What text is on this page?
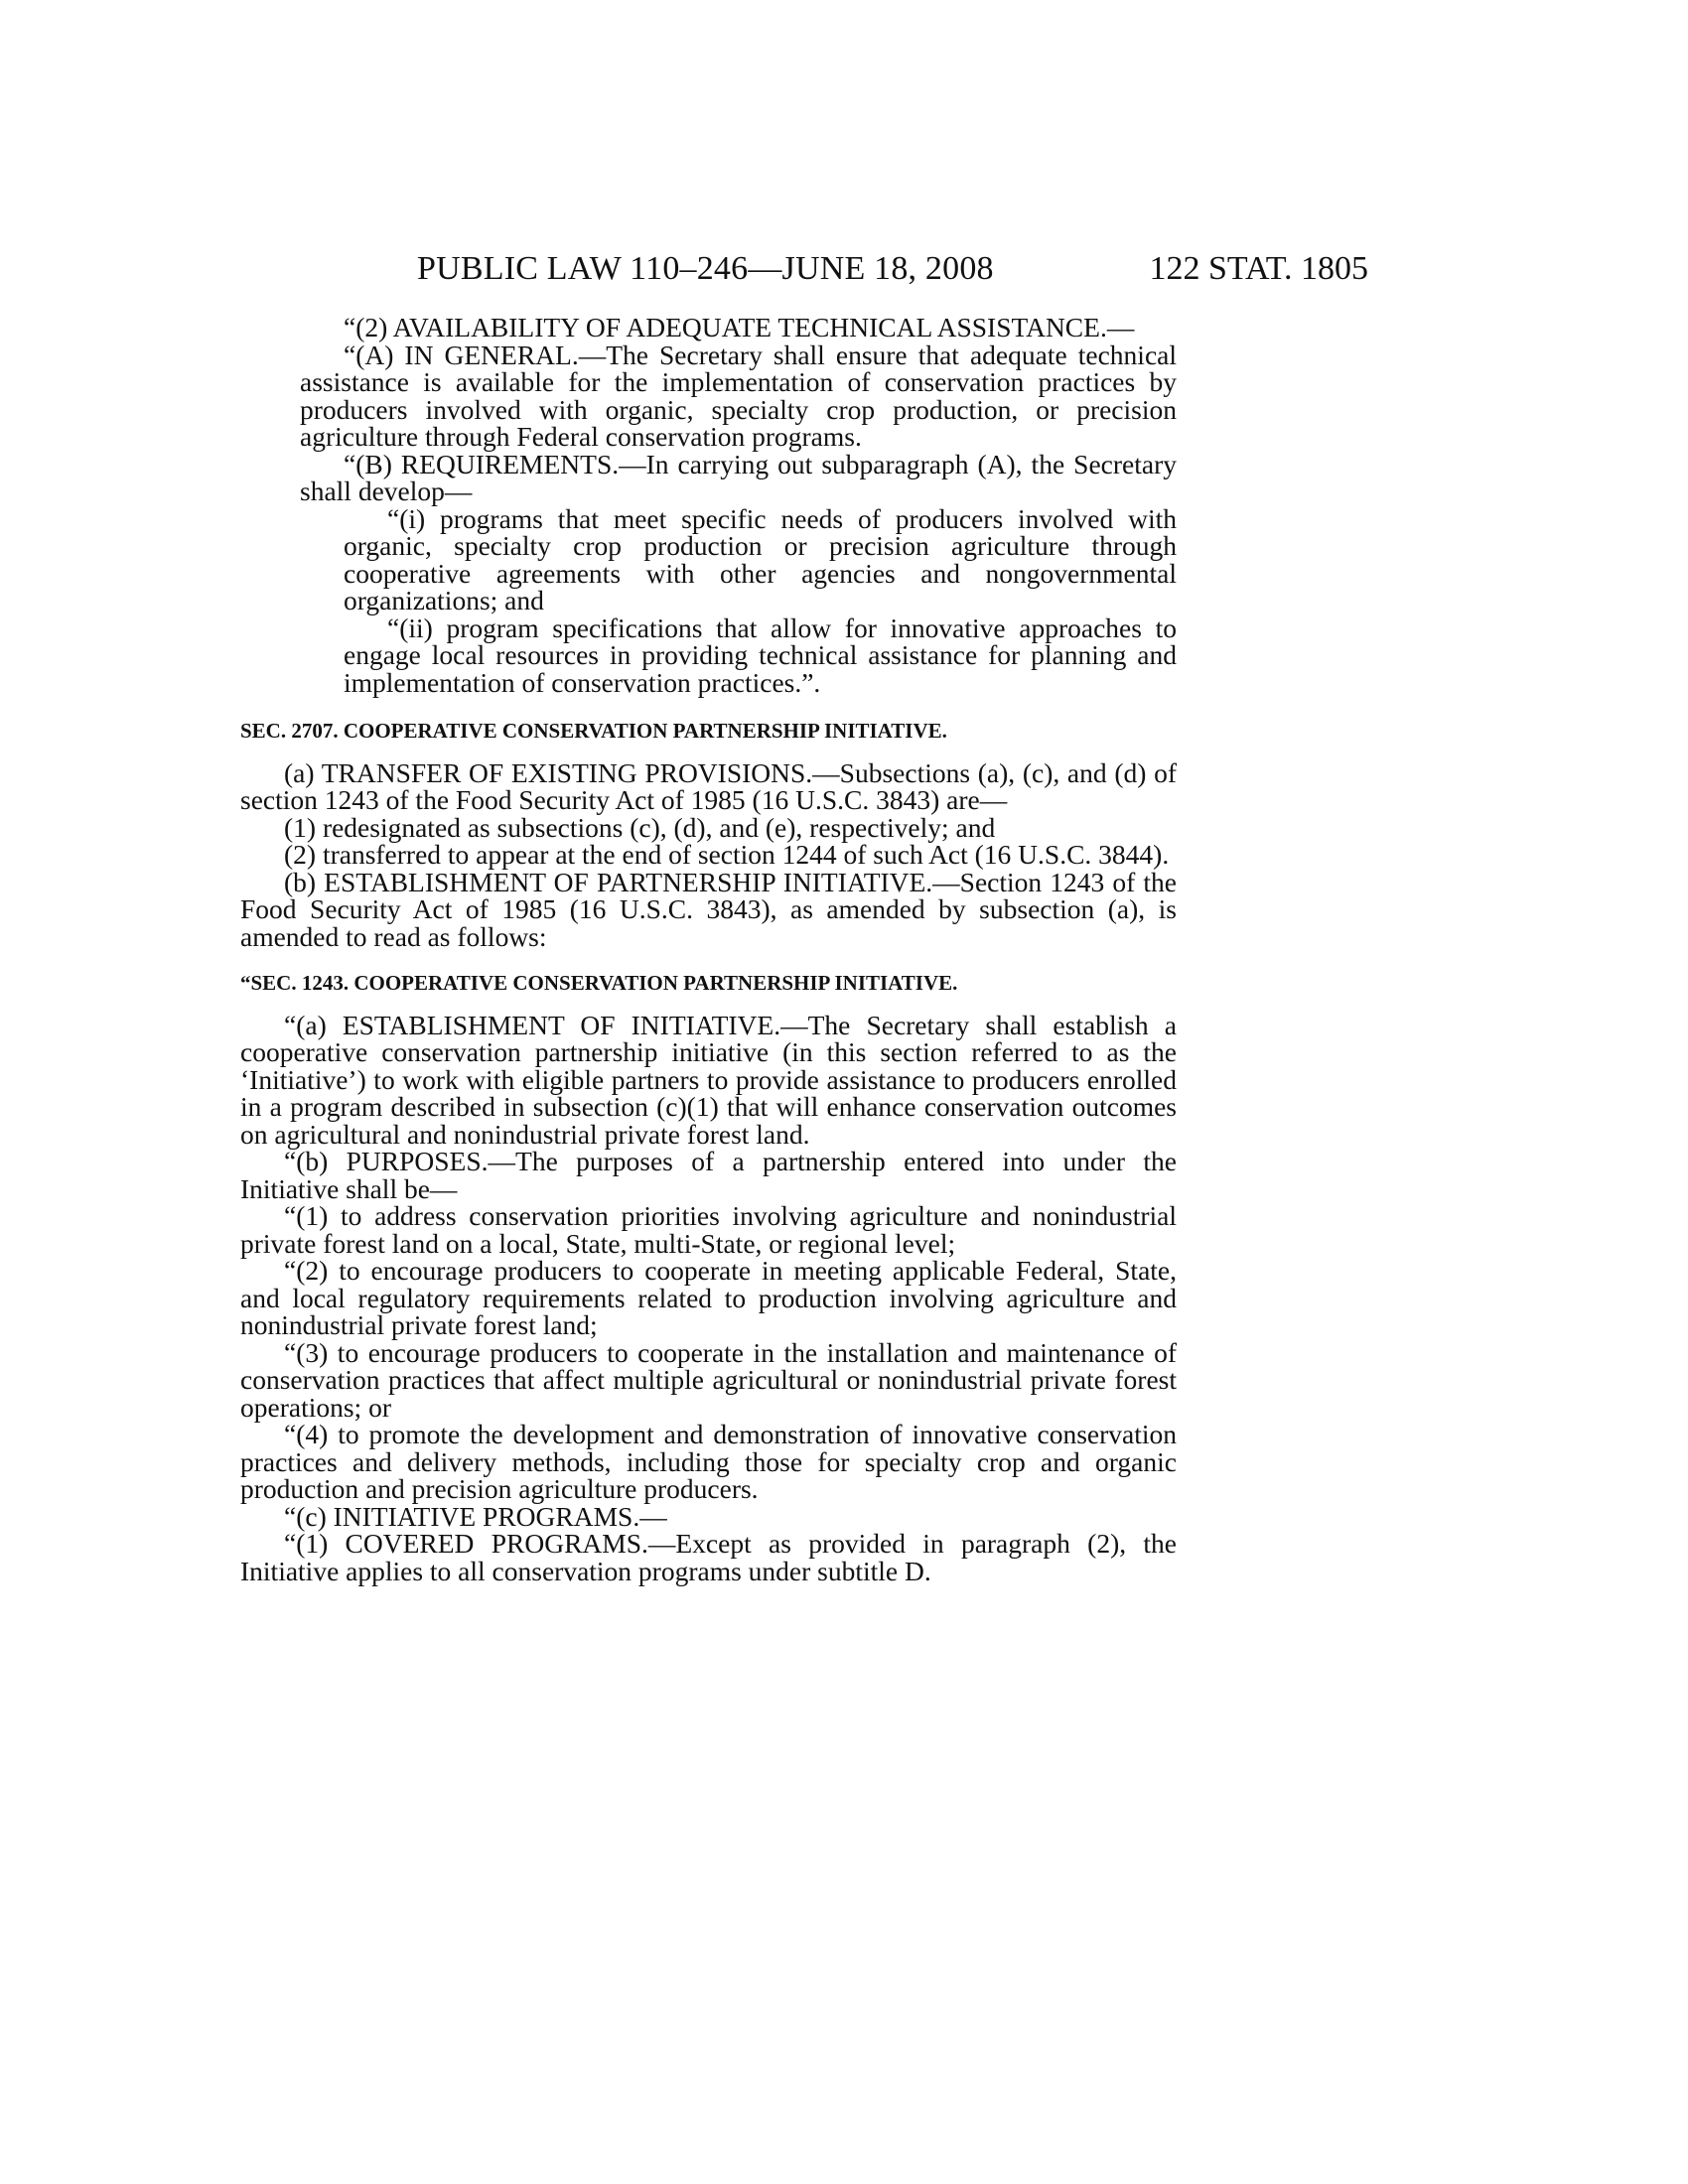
PUBLIC LAW 110–246—JUNE 18, 2008	122 STAT. 1805

“(2) AVAILABILITY OF ADEQUATE TECHNICAL ASSISTANCE.—

“(A) IN GENERAL.—The Secretary shall ensure that adequate technical assistance is available for the implementation of conservation practices by producers involved with organic, specialty crop production, or precision agriculture through Federal conservation programs.

“(B) REQUIREMENTS.—In carrying out subparagraph (A), the Secretary shall develop—

“(i) programs that meet specific needs of producers involved with organic, specialty crop production or precision agriculture through cooperative agreements with other agencies and nongovernmental organizations; and

“(ii) program specifications that allow for innovative approaches to engage local resources in providing technical assistance for planning and implementation of conservation practices.”.

SEC. 2707. COOPERATIVE CONSERVATION PARTNERSHIP INITIATIVE.

(a) TRANSFER OF EXISTING PROVISIONS.—Subsections (a), (c), and (d) of section 1243 of the Food Security Act of 1985 (16 U.S.C. 3843) are—

(1) redesignated as subsections (c), (d), and (e), respectively; and

(2) transferred to appear at the end of section 1244 of such Act (16 U.S.C. 3844).

(b) ESTABLISHMENT OF PARTNERSHIP INITIATIVE.—Section 1243 of the Food Security Act of 1985 (16 U.S.C. 3843), as amended by subsection (a), is amended to read as follows:

“SEC. 1243. COOPERATIVE CONSERVATION PARTNERSHIP INITIATIVE.

“(a) ESTABLISHMENT OF INITIATIVE.—The Secretary shall establish a cooperative conservation partnership initiative (in this section referred to as the ‘Initiative’) to work with eligible partners to provide assistance to producers enrolled in a program described in subsection (c)(1) that will enhance conservation outcomes on agricultural and nonindustrial private forest land.

“(b) PURPOSES.—The purposes of a partnership entered into under the Initiative shall be—

“(1) to address conservation priorities involving agriculture and nonindustrial private forest land on a local, State, multi-State, or regional level;

“(2) to encourage producers to cooperate in meeting applicable Federal, State, and local regulatory requirements related to production involving agriculture and nonindustrial private forest land;

“(3) to encourage producers to cooperate in the installation and maintenance of conservation practices that affect multiple agricultural or nonindustrial private forest operations; or

“(4) to promote the development and demonstration of innovative conservation practices and delivery methods, including those for specialty crop and organic production and precision agriculture producers.

“(c) INITIATIVE PROGRAMS.—

“(1) COVERED PROGRAMS.—Except as provided in paragraph (2), the Initiative applies to all conservation programs under subtitle D.
